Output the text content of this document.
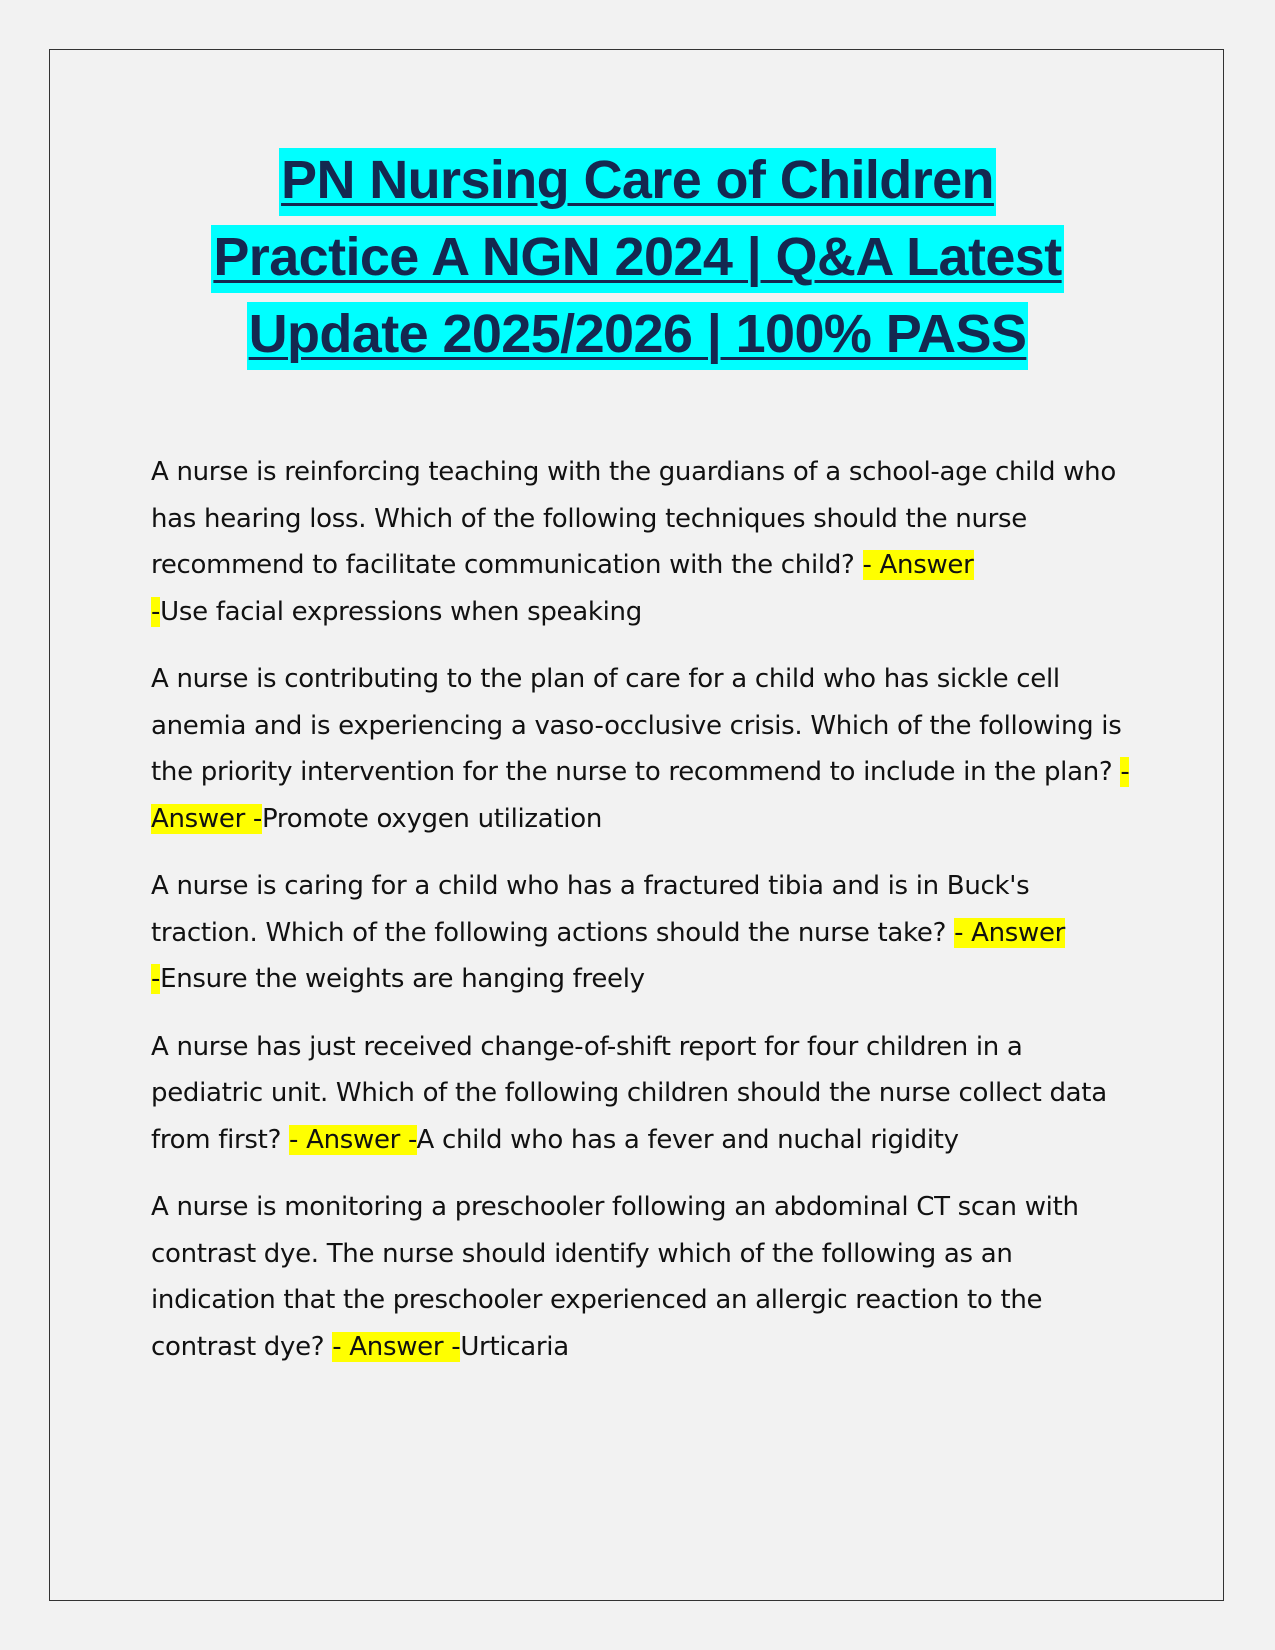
PN Nursing Care of Children
Practice A NGN 2024 | Q&A Latest
Update 2025/2026 | 100% PASS

A nurse is reinforcing teaching with the guardians of a school-age child who has hearing loss. Which of the following techniques should the nurse recommend to facilitate communication with the child? - Answer
-Use facial expressions when speaking

A nurse is contributing to the plan of care for a child who has sickle cell anemia and is experiencing a vaso-occlusive crisis. Which of the following is the priority intervention for the nurse to recommend to include in the plan? - Answer -Promote oxygen utilization

A nurse is caring for a child who has a fractured tibia and is in Buck's traction. Which of the following actions should the nurse take? - Answer
-Ensure the weights are hanging freely

A nurse has just received change-of-shift report for four children in a pediatric unit. Which of the following children should the nurse collect data from first? - Answer -A child who has a fever and nuchal rigidity

A nurse is monitoring a preschooler following an abdominal CT scan with contrast dye. The nurse should identify which of the following as an indication that the preschooler experienced an allergic reaction to the contrast dye? - Answer -Urticaria
